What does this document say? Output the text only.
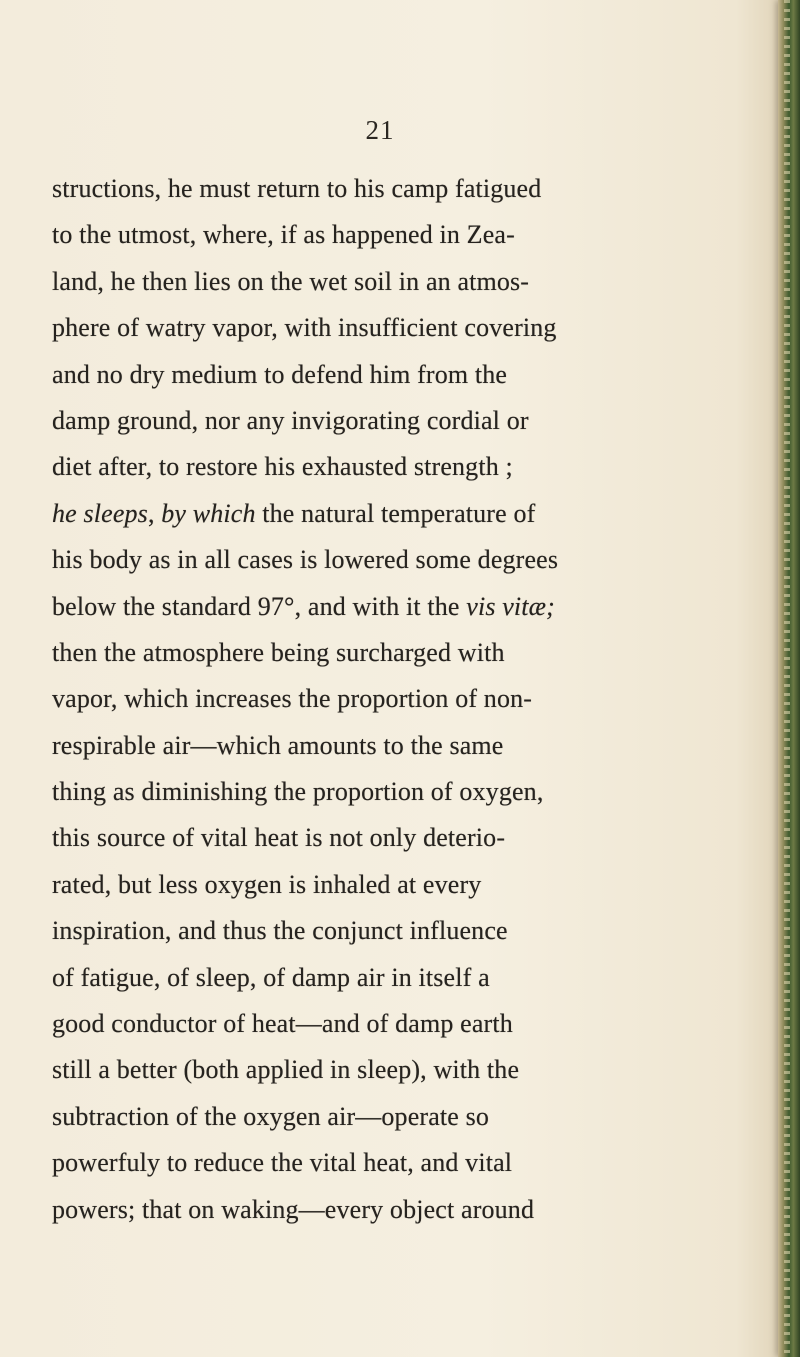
21
structions, he must return to his camp fatigued
to the utmost, where, if as happened in Zea-
land, he then lies on the wet soil in an atmos-
phere of watry vapor, with insufficient covering
and no dry medium to defend him from the
damp ground, nor any invigorating cordial or
diet after, to restore his exhausted strength ;
he sleeps, by which the natural temperature of
his body as in all cases is lowered some degrees
below the standard 97°, and with it the vis vitæ;
then the atmosphere being surcharged with
vapor, which increases the proportion of non-
respirable air—which amounts to the same
thing as diminishing the proportion of oxygen,
this source of vital heat is not only deterio-
rated, but less oxygen is inhaled at every
inspiration, and thus the conjunct influence
of fatigue, of sleep, of damp air in itself a
good conductor of heat—and of damp earth
still a better (both applied in sleep), with the
subtraction of the oxygen air—operate so
powerfuly to reduce the vital heat, and vital
powers; that on waking—every object around
